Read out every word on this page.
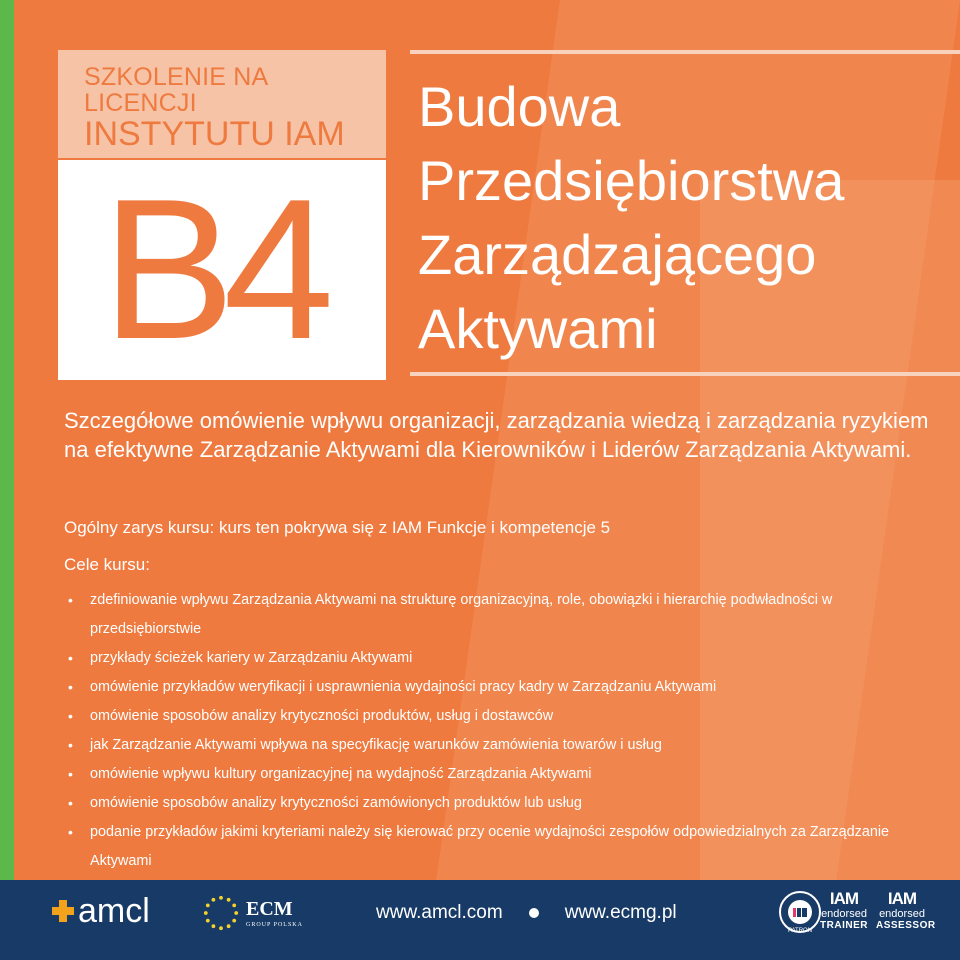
SZKOLENIE NA LICENCJI
INSTYTUTU IAM
B4
Budowa
Przedsiębiorstwa
Zarządzającego
Aktywami

Szczegółowe omówienie wpływu organizacji, zarządzania wiedzą i zarządzania ryzykiem na efektywne Zarządzanie Aktywami dla Kierowników i Liderów Zarządzania Aktywami.

Ogólny zarys kursu: kurs ten pokrywa się z IAM Funkcje i kompetencje 5

Cele kursu:

• zdefiniowanie wpływu Zarządzania Aktywami na strukturę organizacyjną, role, obowiązki i hierarchię podwładności w przedsiębiorstwie
• przykłady ścieżek kariery w Zarządzaniu Aktywami
• omówienie przykładów weryfikacji i usprawnienia wydajności pracy kadry w Zarządzaniu Aktywami
• omówienie sposobów analizy krytyczności produktów, usług i dostawców
• jak Zarządzanie Aktywami wpływa na specyfikację warunków zamówienia towarów i usług
• omówienie wpływu kultury organizacyjnej na wydajność Zarządzania Aktywami
• omówienie sposobów analizy krytyczności zamówionych produktów lub usług
• podanie przykładów jakimi kryteriami należy się kierować przy ocenie wydajności zespołów odpowiedzialnych za Zarządzanie Aktywami
amcl	ECM
GROUP POLSKA
www.amcl.com	www.ecmg.pl
PATRON
IAM
endorsed
TRAINER
IAM
endorsed
ASSESSOR
